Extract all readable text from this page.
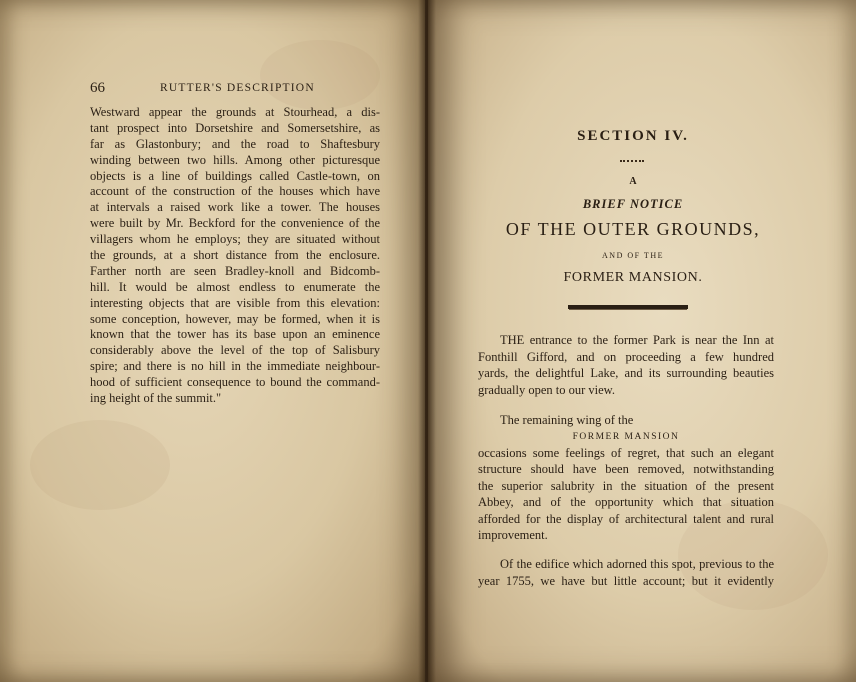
66	RUTTER'S DESCRIPTION
Westward appear the grounds at Stourhead, a dis-
tant prospect into Dorsetshire and Somersetshire, as
far as Glastonbury; and the road to Shaftesbury
winding between two hills. Among other picturesque
objects is a line of buildings called Castle-town, on
account of the construction of the houses which have
at intervals a raised work like a tower. The houses
were built by Mr. Beckford for the convenience of the
villagers whom he employs; they are situated without
the grounds, at a short distance from the enclosure.
Farther north are seen Bradley-knoll and Bidcomb-
hill. It would be almost endless to enumerate the
interesting objects that are visible from this elevation:
some conception, however, may be formed, when it is
known that the tower has its base upon an eminence
considerably above the level of the top of Salisbury
spire; and there is no hill in the immediate neighbour-
hood of sufficient consequence to bound the command-
ing height of the summit."
SECTION IV.
A
BRIEF NOTICE
OF THE OUTER GROUNDS,
AND OF THE
FORMER MANSION.
THE entrance to the former Park is near the Inn at
Fonthill Gifford, and on proceeding a few hundred
yards, the delightful Lake, and its surrounding beauties
gradually open to our view.
The remaining wing of the
FORMER MANSION
occasions some feelings of regret, that such an elegant
structure should have been removed, notwithstanding
the superior salubrity in the situation of the present
Abbey, and of the opportunity which that situation
afforded for the display of architectural talent and rural
improvement.
Of the edifice which adorned this spot, previous to the
year 1755, we have but little account; but it evidently
